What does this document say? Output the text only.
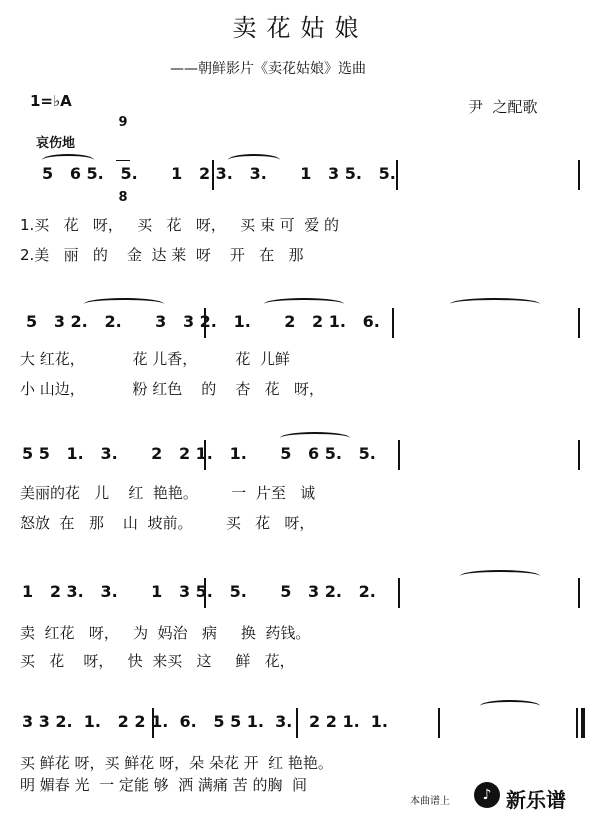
卖花姑娘
——朝鲜影片《卖花姑娘》选曲
1=♭A

9

8

尹  之配歌
哀伤地
5   6 5.   5.      1   2 3.   3.      1   3 5.   5.
1.买   花   呀，   买   花   呀，   买 束 可  爱 的
2.美   丽   的    金  达 莱  呀    开   在   那
5   3 2.   2.      3   3 2.   1.      2   2 1.   6.
大 红花，          花 儿香，        花  儿鲜
小 山边，          粉 红色    的    杏   花   呀，
5 5   1.   3.      2   2 1.   1.      5   6 5.   5.
美丽的花   儿    红  艳艳。       一  片至   诚
怒放  在   那    山  坡前。       买   花   呀，
1   2 3.   3.      1   3 5.   5.      5   3 2.   2.
卖  红花   呀，   为  妈治   病     换  药钱。
买   花    呀，   快  来买   这     鲜   花，
3 3 2.  1.   2 2 1.  6.   5 5 1.  3.   2 2 1.  1.
买 鲜花 呀，买 鲜花 呀，朵 朵花 开  红 艳艳。
明 媚春 光  一 定能 够  洒 满痛 苦 的胸  间
本曲谱上

	♪

新乐谱
